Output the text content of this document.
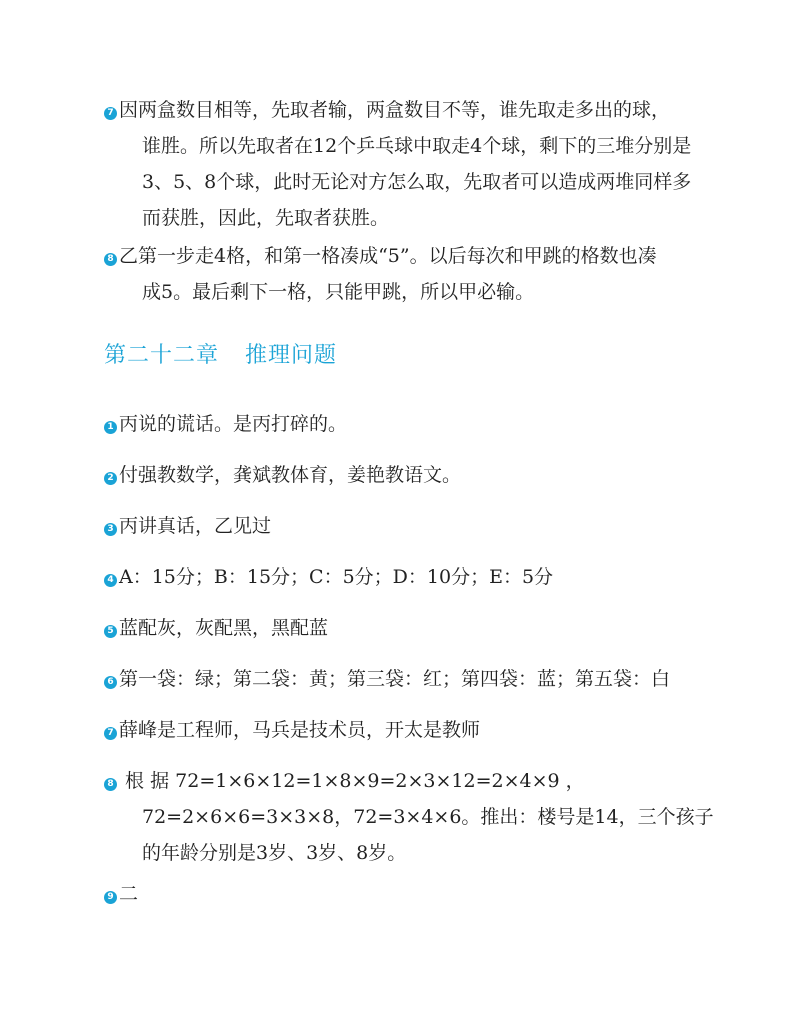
7 因两盒数目相等，先取者输，两盒数目不等，谁先取走多出的球，
谁胜。所以先取者在12个乒乓球中取走4个球，剩下的三堆分别是
3、5、8个球，此时无论对方怎么取，先取者可以造成两堆同样多
而获胜，因此，先取者获胜。
8 乙第一步走4格，和第一格凑成“5”。以后每次和甲跳的格数也凑
成5。最后剩下一格，只能甲跳，所以甲必输。
第二十二章 推理问题
1 丙说的谎话。是丙打碎的。
2 付强教数学，龚斌教体育，姜艳教语文。
3 丙讲真话，乙见过
4 A：15分；B：15分；C：5分；D：10分；E：5分
5 蓝配灰，灰配黑，黑配蓝
6 第一袋：绿；第二袋：黄；第三袋：红；第四袋：蓝；第五袋：白
7 薛峰是工程师，马兵是技术员，开太是教师
8 根 据 72=1×6×12=1×8×9=2×3×12=2×4×9 ，
72=2×6×6=3×3×8，72=3×4×6。推出：楼号是14，三个孩子
的年龄分别是3岁、3岁、8岁。
9 二
